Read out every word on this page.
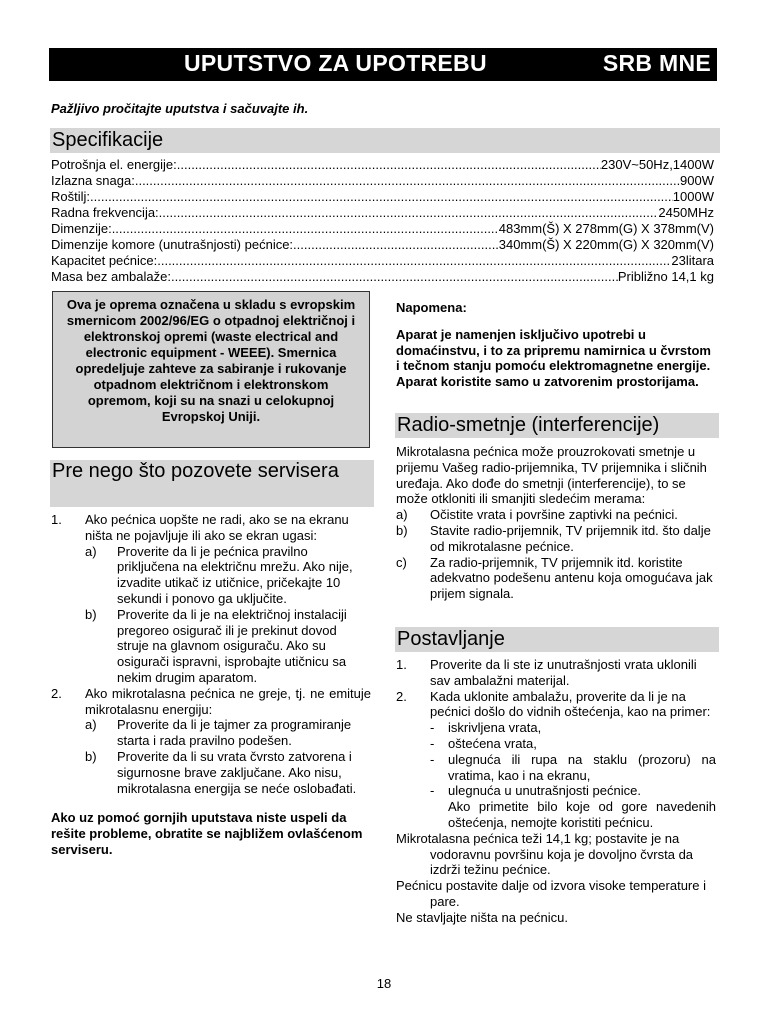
UPUTSTVO ZA UPOTREBU	SRB MNE
Pažljivo pročitajte uputstva i sačuvajte ih.
Specifikacije
Potrošnja el. energije: .....	230V~50Hz,1400W
Izlazna snaga: .....	900W
Roštilj: .....	1000W
Radna frekvencija: .....	2450MHz
Dimenzije: .....	483mm(Š) X 278mm(G) X 378mm(V)
Dimenzije komore (unutrašnjosti) pećnice: .....	340mm(Š) X 220mm(G) X 320mm(V)
Kapacitet pećnice: .....	23litara
Masa bez ambalaže: .....	Približno 14,1 kg
Ova je oprema označena u skladu s evropskim smernicom 2002/96/EG o otpadnoj električnoj i elektronskoj opremi (waste electrical and electronic equipment - WEEE). Smernica opredeljuje zahteve za sabiranje i rukovanje otpadnom električnom i elektronskom opremom, koji su na snazi u celokupnoj Evropskoj Uniji.
Pre nego što pozovete servisera
1.	Ako pećnica uopšte ne radi, ako se na ekranu ništa ne pojavljuje ili ako se ekran ugasi:
a)	Proverite da li je pećnica pravilno priključena na električnu mrežu. Ako nije, izvadite utikač iz utičnice, pričekajte 10 sekundi i ponovo ga uključite.
b)	Proverite da li je na električnoj instalaciji pregoreo osigurač ili je prekinut dovod struje na glavnom osiguraču. Ako su osigurači ispravni, isprobajte utičnicu sa nekim drugim aparatom.
2.	Ako mikrotalasna pećnica ne greje, tj. ne emituje mikrotalasnu energiju:
a)	Proverite da li je tajmer za programiranje starta i rada pravilno podešen.
b)	Proverite da li su vrata čvrsto zatvorena i sigurnosne brave zaključane. Ako nisu, mikrotalasna energija se neće oslobađati.
Ako uz pomoć gornjih uputstava niste uspeli da rešite probleme, obratite se najbližem ovlašćenom serviseru.
Napomena:
Aparat je namenjen isključivo upotrebi u domaćinstvu, i to za pripremu namirnica u čvrstom i tečnom stanju pomoću elektromagnetne energije. Aparat koristite samo u zatvorenim prostorijama.
Radio-smetnje (interferencije)
Mikrotalasna pećnica može prouzrokovati smetnje u prijemu Vašeg radio-prijemnika, TV prijemnika i sličnih uređaja. Ako dođe do smetnji (interferencije), to se može otkloniti ili smanjiti sledećim merama:
a)	Očistite vrata i površine zaptivki na pećnici.
b)	Stavite radio-prijemnik, TV prijemnik itd. što dalje od mikrotalasne pećnice.
c)	Za radio-prijemnik, TV prijemnik itd. koristite adekvatno podešenu antenu koja omogućava jak prijem signala.
Postavljanje
1.	Proverite da li ste iz unutrašnjosti vrata uklonili sav ambalažni materijal.
2.	Kada uklonite ambalažu, proverite da li je na pećnici došlo do vidnih oštećenja, kao na primer:
-	iskrivljena vrata,
-	oštećena vrata,
-	ulegnuća ili rupa na staklu (prozoru) na vratima, kao i na ekranu,
-	ulegnuća u unutrašnjosti pećnice.
Ako primetite bilo koje od gore navedenih oštećenja, nemojte koristiti pećnicu.
Mikrotalasna pećnica teži 14,1 kg; postavite je na vodoravnu površinu koja je dovoljno čvrsta da izdrži težinu pećnice.
Pećnicu postavite dalje od izvora visoke temperature i pare.
Ne stavljajte ništa na pećnicu.
18
